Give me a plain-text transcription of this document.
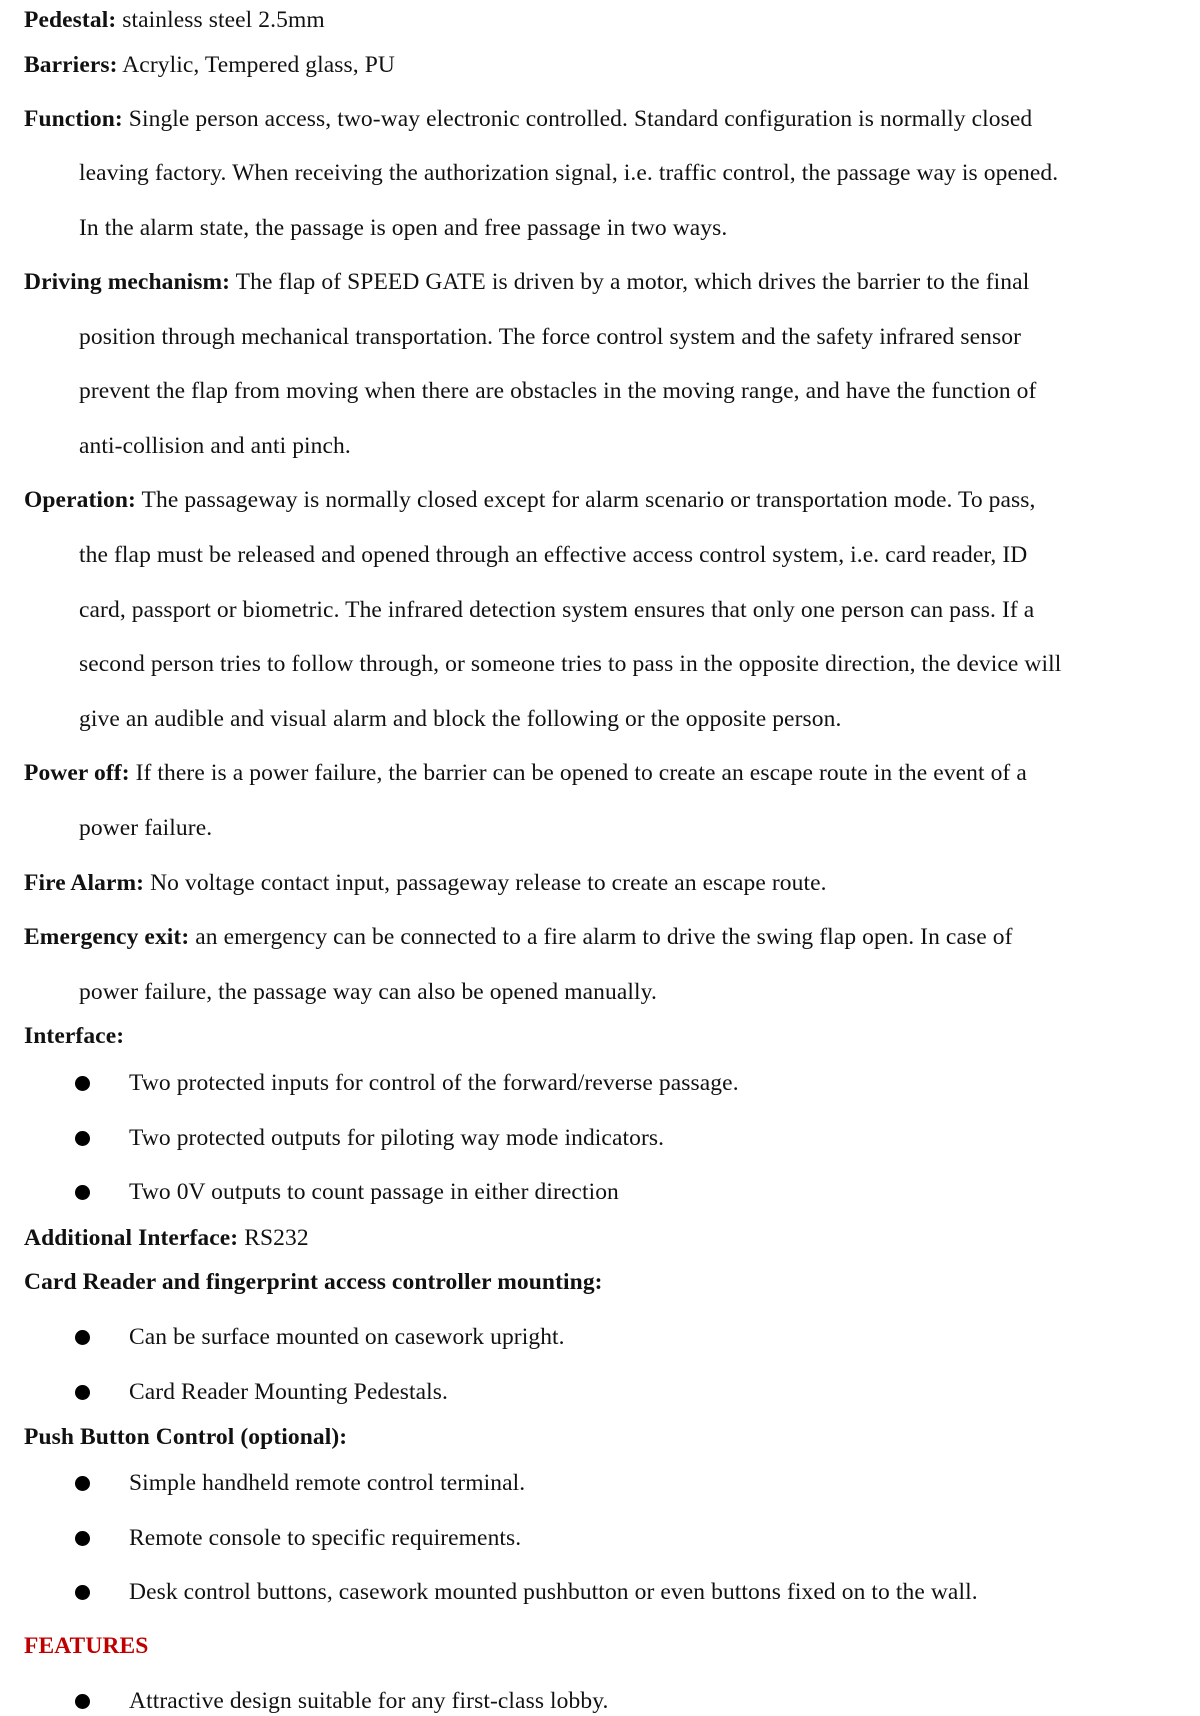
Pedestal: stainless steel 2.5mm
Barriers: Acrylic, Tempered glass, PU
Function: Single person access, two-way electronic controlled. Standard configuration is normally closed
leaving factory. When receiving the authorization signal, i.e. traffic control, the passage way is opened.
In the alarm state, the passage is open and free passage in two ways.
Driving mechanism: The flap of SPEED GATE is driven by a motor, which drives the barrier to the final
position through mechanical transportation. The force control system and the safety infrared sensor
prevent the flap from moving when there are obstacles in the moving range, and have the function of
anti-collision and anti pinch.
Operation: The passageway is normally closed except for alarm scenario or transportation mode. To pass,
the flap must be released and opened through an effective access control system, i.e. card reader, ID
card, passport or biometric. The infrared detection system ensures that only one person can pass. If a
second person tries to follow through, or someone tries to pass in the opposite direction, the device will
give an audible and visual alarm and block the following or the opposite person.
Power off: If there is a power failure, the barrier can be opened to create an escape route in the event of a
power failure.
Fire Alarm: No voltage contact input, passageway release to create an escape route.
Emergency exit: an emergency can be connected to a fire alarm to drive the swing flap open. In case of
power failure, the passage way can also be opened manually.
Interface:
Two protected inputs for control of the forward/reverse passage.
Two protected outputs for piloting way mode indicators.
Two 0V outputs to count passage in either direction
Additional Interface: RS232
Card Reader and fingerprint access controller mounting:
Can be surface mounted on casework upright.
Card Reader Mounting Pedestals.
Push Button Control (optional):
Simple handheld remote control terminal.
Remote console to specific requirements.
Desk control buttons, casework mounted pushbutton or even buttons fixed on to the wall.
FEATURES
Attractive design suitable for any first-class lobby.
